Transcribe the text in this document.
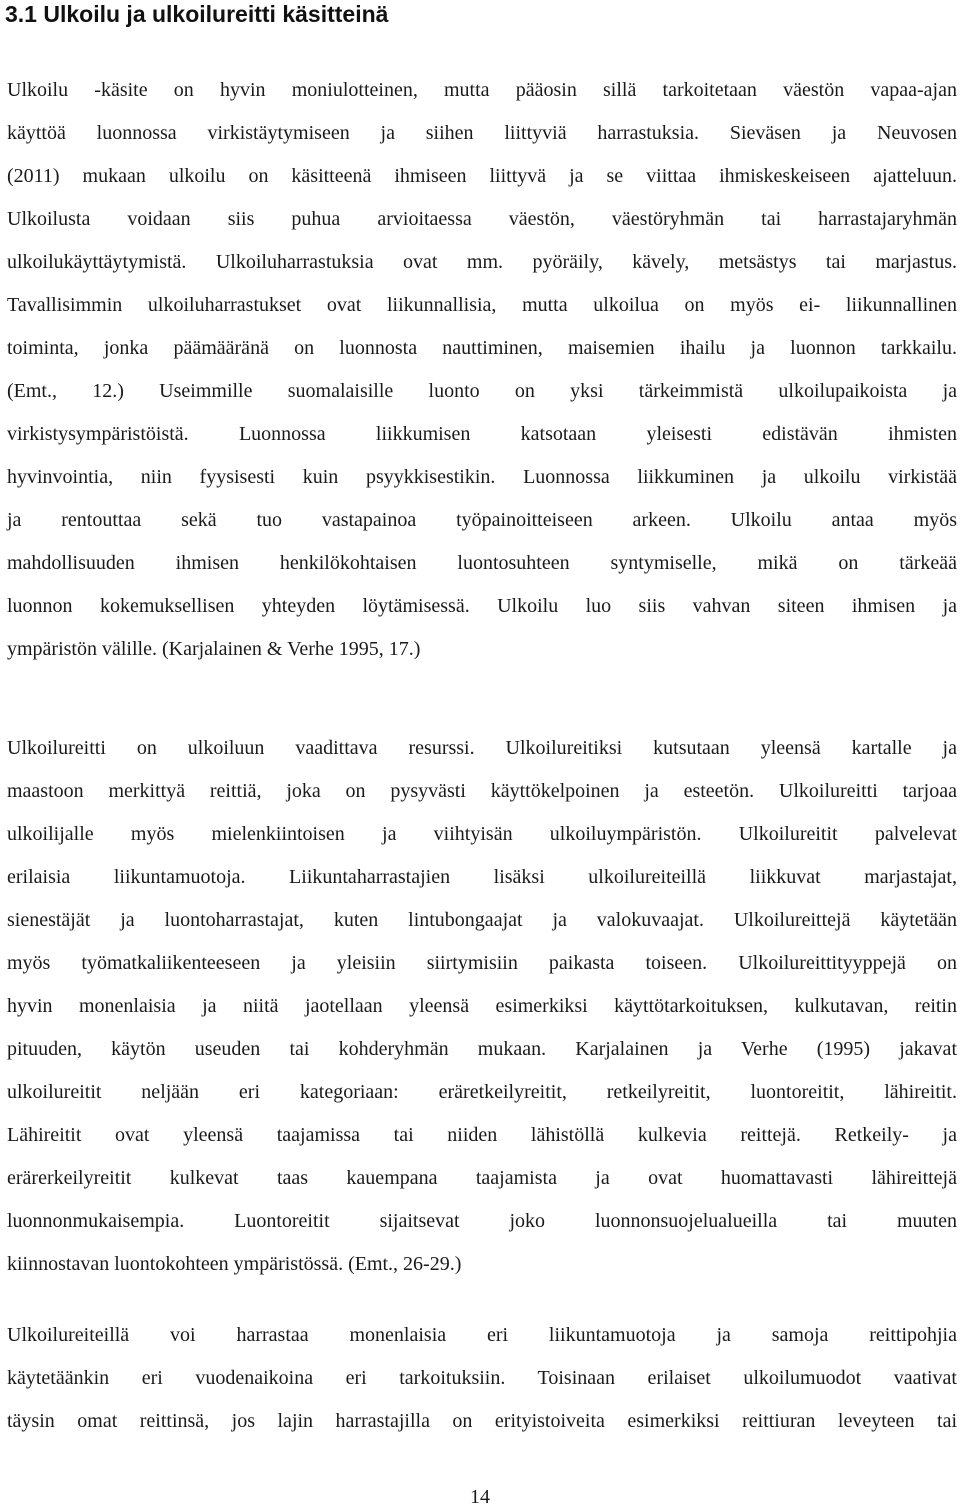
3.1 Ulkoilu ja ulkoilureitti käsitteinä
Ulkoilu -käsite on hyvin moniulotteinen, mutta pääosin sillä tarkoitetaan väestön vapaa-ajan
käyttöä luonnossa virkistäytymiseen ja siihen liittyviä harrastuksia. Sieväsen ja Neuvosen
(2011) mukaan ulkoilu on käsitteenä ihmiseen liittyvä ja se viittaa ihmiskeskeiseen ajatteluun.
Ulkoilusta voidaan siis puhua arvioitaessa väestön, väestöryhmän tai harrastajaryhmän
ulkoilukäyttäytymistä. Ulkoiluharrastuksia ovat mm. pyöräily, kävely, metsästys tai marjastus.
Tavallisimmin ulkoiluharrastukset ovat liikunnallisia, mutta ulkoilua on myös ei- liikunnallinen
toiminta, jonka päämääränä on luonnosta nauttiminen, maisemien ihailu ja luonnon tarkkailu.
(Emt., 12.) Useimmille suomalaisille luonto on yksi tärkeimmistä ulkoilupaikoista ja
virkistysympäristöistä. Luonnossa liikkumisen katsotaan yleisesti edistävän ihmisten
hyvinvointia, niin fyysisesti kuin psyykkisestikin. Luonnossa liikkuminen ja ulkoilu virkistää
ja rentouttaa sekä tuo vastapainoa työpainoitteiseen arkeen. Ulkoilu antaa myös
mahdollisuuden ihmisen henkilökohtaisen luontosuhteen syntymiselle, mikä on tärkeää
luonnon kokemuksellisen yhteyden löytämisessä. Ulkoilu luo siis vahvan siteen ihmisen ja
ympäristön välille. (Karjalainen & Verhe 1995, 17.)
Ulkoilureitti on ulkoiluun vaadittava resurssi. Ulkoilureitiksi kutsutaan yleensä kartalle ja
maastoon merkittyä reittiä, joka on pysyvästi käyttökelpoinen ja esteetön. Ulkoilureitti tarjoaa
ulkoilijalle myös mielenkiintoisen ja viihtyisän ulkoiluympäristön. Ulkoilureitit palvelevat
erilaisia liikuntamuotoja. Liikuntaharrastajien lisäksi ulkoilureiteillä liikkuvat marjastajat,
sienestäjät ja luontoharrastajat, kuten lintubongaajat ja valokuvaajat. Ulkoilureittejä käytetään
myös työmatkaliikenteeseen ja yleisiin siirtymisiin paikasta toiseen. Ulkoilureittityyppejä on
hyvin monenlaisia ja niitä jaotellaan yleensä esimerkiksi käyttötarkoituksen, kulkutavan, reitin
pituuden, käytön useuden tai kohderyhmän mukaan. Karjalainen ja Verhe (1995) jakavat
ulkoilureitit neljään eri kategoriaan: eräretkeilyreitit, retkeilyreitit, luontoreitit, lähireitit.
Lähireitit ovat yleensä taajamissa tai niiden lähistöllä kulkevia reittejä. Retkeily- ja
erärerkeilyreitit kulkevat taas kauempana taajamista ja ovat huomattavasti lähireittejä
luonnonmukaisempia. Luontoreitit sijaitsevat joko luonnonsuojelualueilla tai muuten
kiinnostavan luontokohteen ympäristössä. (Emt., 26-29.)
Ulkoilureiteillä voi harrastaa monenlaisia eri liikuntamuotoja ja samoja reittipohjia
käytetäänkin eri vuodenaikoina eri tarkoituksiin. Toisinaan erilaiset ulkoilumuodot vaativat
täysin omat reittinsä, jos lajin harrastajilla on erityistoiveita esimerkiksi reittiuran leveyteen tai
14
